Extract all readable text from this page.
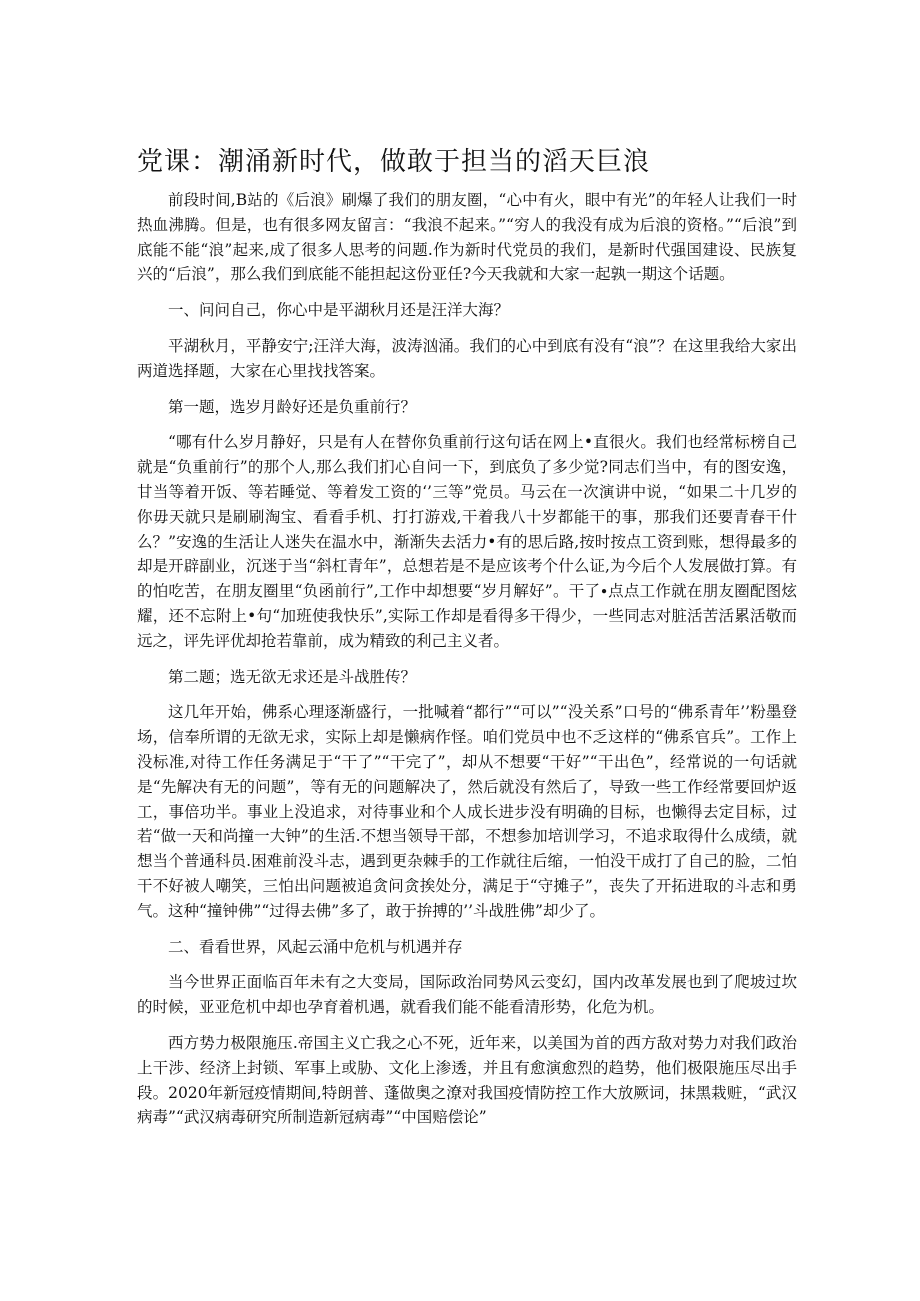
党课：潮涌新时代，做敢于担当的滔天巨浪

前段时间,B站的《后浪》刷爆了我们的朋友圈，“心中有火，眼中有光”的年轻人让我们一时热血沸腾。但是，也有很多网友留言：“我浪不起来。”“穷人的我没有成为后浪的资格。”“后浪”到底能不能“浪”起来,成了很多人思考的问题.作为新时代党员的我们，是新时代强国建设、民族复兴的“后浪”，那么我们到底能不能担起这份亚任?今天我就和大家一起孰一期这个话题。

一、问问自己，你心中是平湖秋月还是汪洋大海？

平湖秋月，平静安宁;汪洋大海，波涛汹涌。我们的心中到底有没有“浪”？在这里我给大家出两道选择题，大家在心里找找答案。

第一题，选岁月龄好还是负重前行？

“哪有什么岁月静好，只是有人在替你负重前行这句话在网上•直很火。我们也经常标榜自己就是“负重前行”的那个人,那么我们扪心自问一下，到底负了多少觉?同志们当中，有的图安逸，甘当等着开饭、等若睡觉、等着发工资的‘’三等”党员。马云在一次演讲中说，“如果二十几岁的你毋天就只是刷刷淘宝、看看手机、打打游戏,干着我八十岁都能干的事，那我们还要青春干什么？”安逸的生活让人迷失在温水中，渐渐失去活力•有的思后路,按时按点工资到账，想得最多的却是开辟副业，沉迷于当“斜杠青年”，总想若是不是应该考个什么证,为今后个人发展做打算。有的怕吃苦，在朋友圈里“负函前行”,工作中却想要“岁月解好”。干了∙点点工作就在朋友圈配图炫耀，还不忘附上•句“加班使我快乐”,实际工作却是看得多干得少，一些同志对脏活苦活累活敬而远之，评先评优却抢若靠前，成为精致的利己主义者。

第二题；选无欲无求还是斗战胜传？

这几年开始，佛系心理逐渐盛行，一批喊着“都行”“可以”“没关系”口号的“佛系青年’’粉墨登场，信奉所谓的无欲无求，实际上却是懒病作怪。咱们党员中也不乏这样的“佛系官兵”。工作上没标准,对待工作任务满足于“干了”“干完了”，却从不想要“干好”“干出色”，经常说的一句话就是“先解决有无的问题”，等有无的问题解决了，然后就没有然后了，导致一些工作经常要回炉返工，事倍功半。事业上没追求，对待事业和个人成长进步没有明确的目标，也懒得去定目标，过若“做一天和尚撞一大钟”的生活.不想当领导干部，不想参加培训学习，不追求取得什么成绩，就想当个普通科员.困难前没斗志，遇到更杂棘手的工作就往后缩，一怕没干成打了自己的脸，二怕干不好被人嘲笑，三怕出问题被追贪问贪挨处分，满足于“守摊子”，丧失了开拓进取的斗志和勇气。这种“撞钟佛”“过得去佛”多了，敢于拚搏的’’斗战胜佛”却少了。

二、看看世界，风起云涌中危机与机遇并存

当今世界正面临百年未有之大变局，国际政治同势风云变幻，国内改革发展也到了爬坡过坎的时候，亚亚危机中却也孕育着机遇，就看我们能不能看清形势，化危为机。

西方势力极限施压.帝国主义亡我之心不死，近年来，以美国为首的西方敌对势力对我们政治上干涉、经济上封锁、军事上或胁、文化上渗透，并且有愈演愈烈的趋势，他们极限施压尽出手段。2020年新冠疫情期间,特朗普、蓬做奥之潦对我国疫情防控工作大放厥词，抹黑栽赃，“武汉病毒”“武汉病毒研究所制造新冠病毒”“中国赔偿论”
